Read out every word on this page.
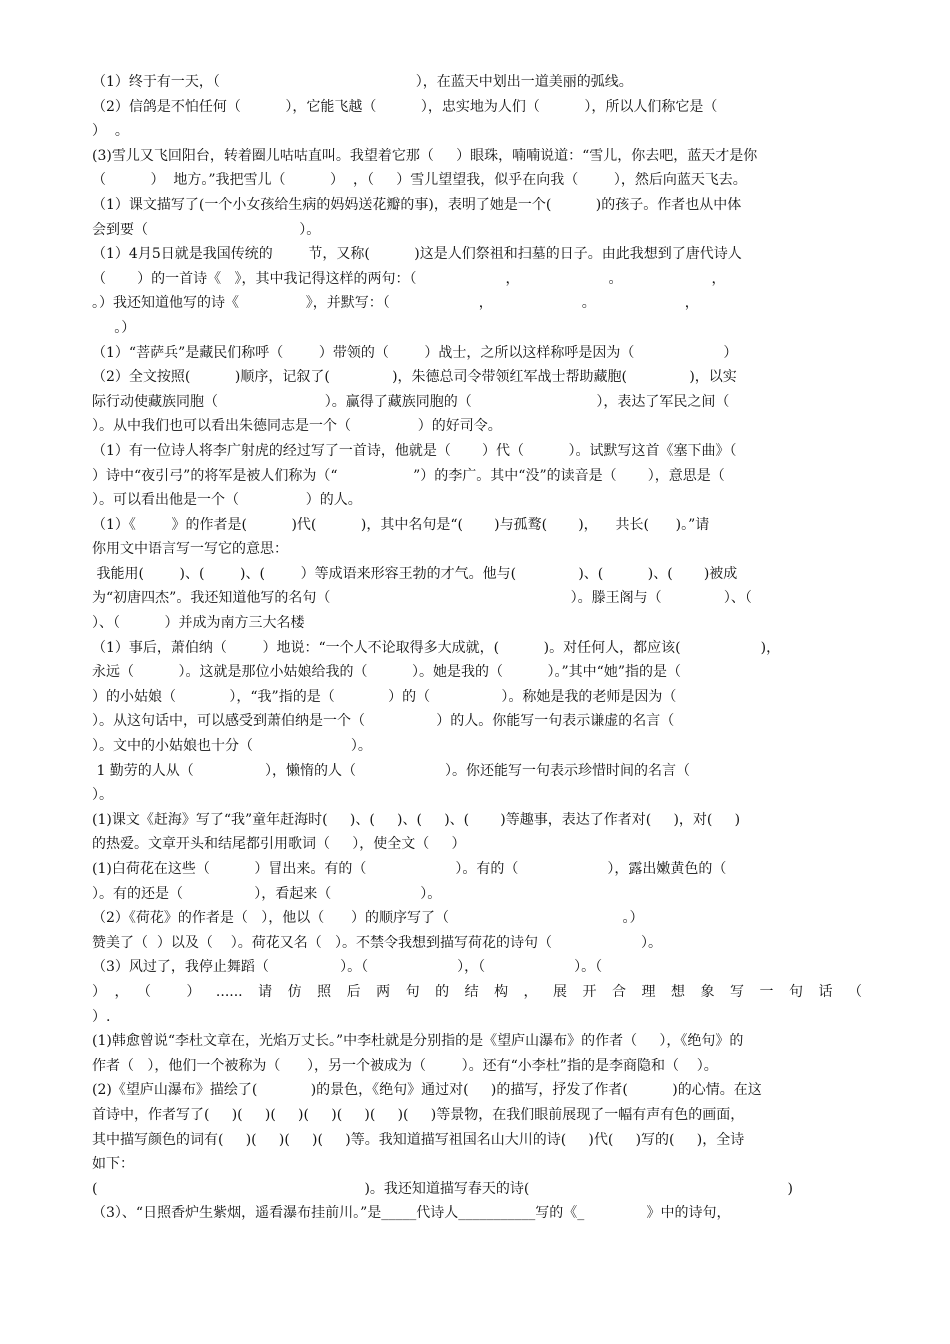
（1）终于有一天，（                                            ），在蓝天中划出一道美丽的弧线。
（2）信鸽是不怕任何（          ），它能飞越（          ），忠实地为人们（          ），所以人们称它是（
）  。
(3)雪儿又飞回阳台，转着圈儿咕咕直叫。我望着它那（     ）眼珠，喃喃说道：“雪儿，你去吧，蓝天才是你
（          ）  地方。”我把雪儿（          ）  ，（     ）雪儿望望我，似乎在向我（        ），然后向蓝天飞去。
（1）课文描写了(一个小女孩给生病的妈妈送花瓣的事)，表明了她是一个(          )的孩子。作者也从中体
会到要（                                  ）。
（1）4月5日就是我国传统的        节，又称(          )这是人们祭祖和扫墓的日子。由此我想到了唐代诗人
（       ）的一首诗《   》，其中我记得这样的两句：（                    ，                    。                    ，
。）我还知道他写的诗《               》，并默写：（                    ，                    。                    ，
。）
（1）“菩萨兵”是藏民们称呼（        ）带领的（        ）战士，之所以这样称呼是因为（                    ）
（2）全文按照(          )顺序，记叙了(              )，朱德总司令带领红军战士帮助藏胞(              )，以实
际行动使藏族同胞（                        ）。赢得了藏族同胞的（                            ），表达了军民之间（
）。从中我们也可以看出朱德同志是一个（               ）的好司令。
（1）有一位诗人将李广射虎的经过写了一首诗，他就是（       ）代（          ）。试默写这首《塞下曲》（
）诗中“夜引弓”的将军是被人们称为（“                 ”）的李广。其中“没”的读音是（       ），意思是（
）。可以看出他是一个（               ）的人。
（1）《        》的作者是(          )代(          )，其中名句是“(       )与孤鹜(       )，    共长(      )。”请
你用文中语言写一写它的意思：
我能用(        )、(        )、(        ）等成语来形容王勃的才气。他与(              )、(          )、(       )被成
为“初唐四杰”。我还知道他写的名句（                                                      ）。滕王阁与（              ）、（
）、（          ）并成为南方三大名楼
（1）事后，萧伯纳（        ）地说：“一个人不论取得多大成就，(          )。对任何人，都应该(                  )，
永远（          ）。这就是那位小姑娘给我的（          ）。她是我的（          ）。”其中“她”指的是（
）的小姑娘（            ），“我”指的是（            ）的（                ）。称她是我的老师是因为（
）。从这句话中，可以感受到萧伯纳是一个（                ）的人。你能写一句表示谦虚的名言（
）。文中的小姑娘也十分（                      ）。
1 勤劳的人从（                ），懒惰的人（                    ）。你还能写一句表示珍惜时间的名言（
）。
(1)课文《赶海》写了“我”童年赶海时(     )、(     )、(     )、(       )等趣事，表达了作者对(     )，对(     )
的热爱。文章开头和结尾都引用歌词（     ），使全文（     ）
(1)白荷花在这些（          ）冒出来。有的（                    ）。有的（                    ），露出嫩黄色的（
）。有的还是（                ），看起来（                    ）。
（2）《荷花》的作者是（   ），他以（      ）的顺序写了（                                       。）
赞美了（  ）以及（    ）。荷花又名（   ）。不禁令我想到描写荷花的诗句（                    ）。
（3）风过了，我停止舞蹈（                ）。（                    ），（                    ）。（
），（ ）......请仿照后两句的结构，展开合理想象写一句话（
）.
(1)韩愈曾说“李杜文章在，光焰万丈长。”中李杜就是分别指的是《望庐山瀑布》的作者（     ），《绝句》的
作者（   ），他们一个被称为（      ），另一个被成为（        ）。还有“小李杜”指的是李商隐和（    ）。
(2)《望庐山瀑布》描绘了(            )的景色，《绝句》通过对(     )的描写，抒发了作者(          )的心情。在这
首诗中，作者写了(     )(     )(     )(     )(     )(     )(     )等景物，在我们眼前展现了一幅有声有色的画面，
其中描写颜色的词有(     )(     )(     )(     )等。我知道描写祖国名山大川的诗(     )代(     )写的(     )，全诗
如下：
(                                                            )。我还知道描写春天的诗(                                                          )
（3）、“日照香炉生紫烟，遥看瀑布挂前川。”是_____代诗人___________写的《_              》中的诗句，
